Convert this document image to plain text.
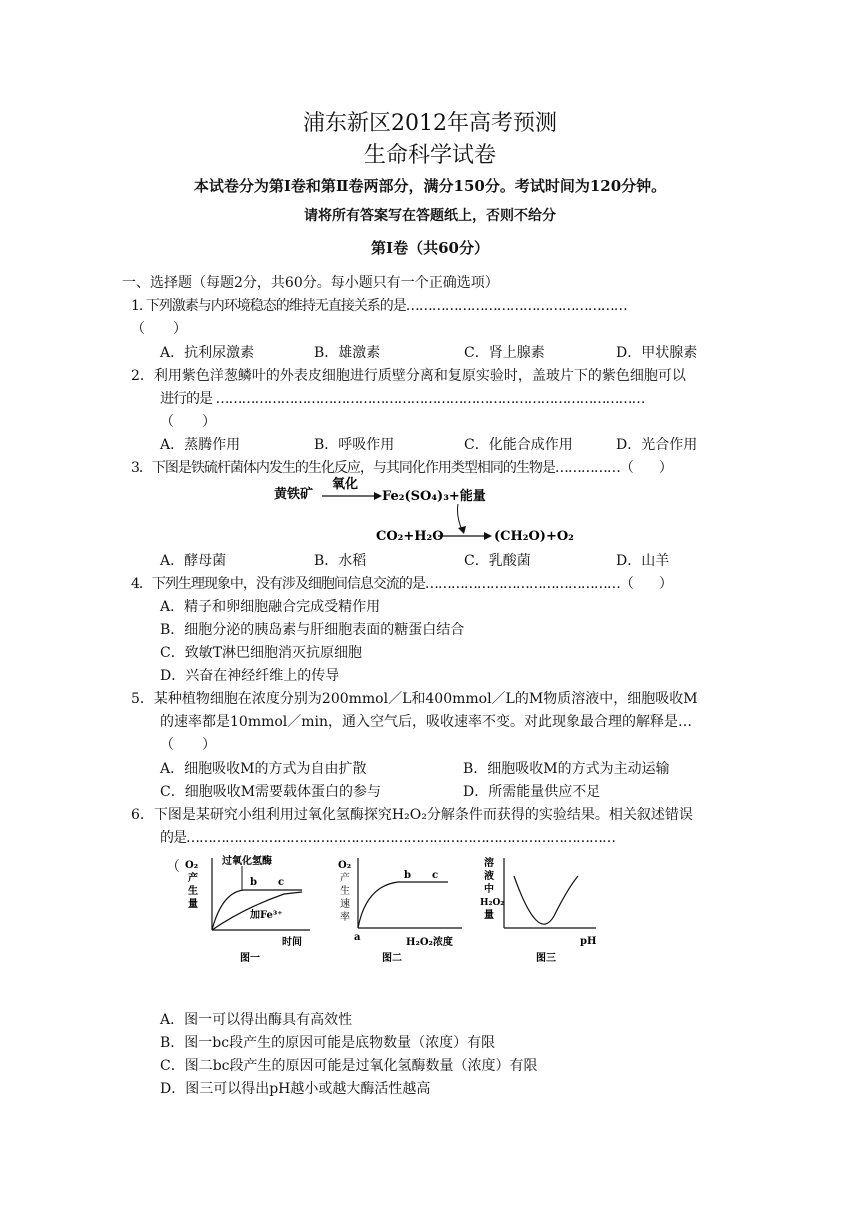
浦东新区2012年高考预测
生命科学试卷
本试卷分为第Ⅰ卷和第Ⅱ卷两部分，满分150分。考试时间为120分钟。
请将所有答案写在答题纸上，否则不给分
第I卷（共60分）
一、选择题（每题2分，共60分。每小题只有一个正确选项）
1. 下列激素与内环境稳态的维持无直接关系的是……………………………………………
（　　）
A．抗利尿激素	B．雄激素	C．肾上腺素	D．甲状腺素
2．利用紫色洋葱鳞叶的外表皮细胞进行质壁分离和复原实验时，盖玻片下的紫色细胞可以
进行的是 ………………………………………………………………………………………
（　　）
A．蒸腾作用	B．呼吸作用	C．化能合成作用	D．光合作用
3．下图是铁硫杆菌体内发生的生化反应，与其同化作用类型相同的生物是……………（　　）
黄铁矿
氧化
Fe₂(SO₄)₃+能量
CO₂+H₂O	(CH₂O)+O₂
A．酵母菌	B．水稻	C．乳酸菌	D．山羊
4．下列生理现象中，没有涉及细胞间信息交流的是………………………………………（　　）
A．精子和卵细胞融合完成受精作用
B．细胞分泌的胰岛素与肝细胞表面的糖蛋白结合
C．致敏T淋巴细胞消灭抗原细胞
D．兴奋在神经纤维上的传导
5．某种植物细胞在浓度分别为200mmol／L和400mmol／L的M物质溶液中，细胞吸收M
的速率都是10mmol／min，通入空气后，吸收速率不变。对此现象最合理的解释是…
（　　）
A．细胞吸收M的方式为自由扩散	B．细胞吸收M的方式为主动运输
C．细胞吸收M需要载体蛋白的参与	D．所需能量供应不足
6．下图是某研究小组利用过氧化氢酶探究H₂O₂分解条件而获得的实验结果。相关叙述错误
的是………………………………………………………………………………………
（ O₂
产
生
量
过氧化氢酶
b c
加Fe³⁺
时间
图一
O₂
产
生
速
率
b c
a	H₂O₂浓度
图二
溶
液
中
H₂O₂
量
pH
图三
A．图一可以得出酶具有高效性
B．图一bc段产生的原因可能是底物数量（浓度）有限
C．图二bc段产生的原因可能是过氧化氢酶数量（浓度）有限
D．图三可以得出pH越小或越大酶活性越高
